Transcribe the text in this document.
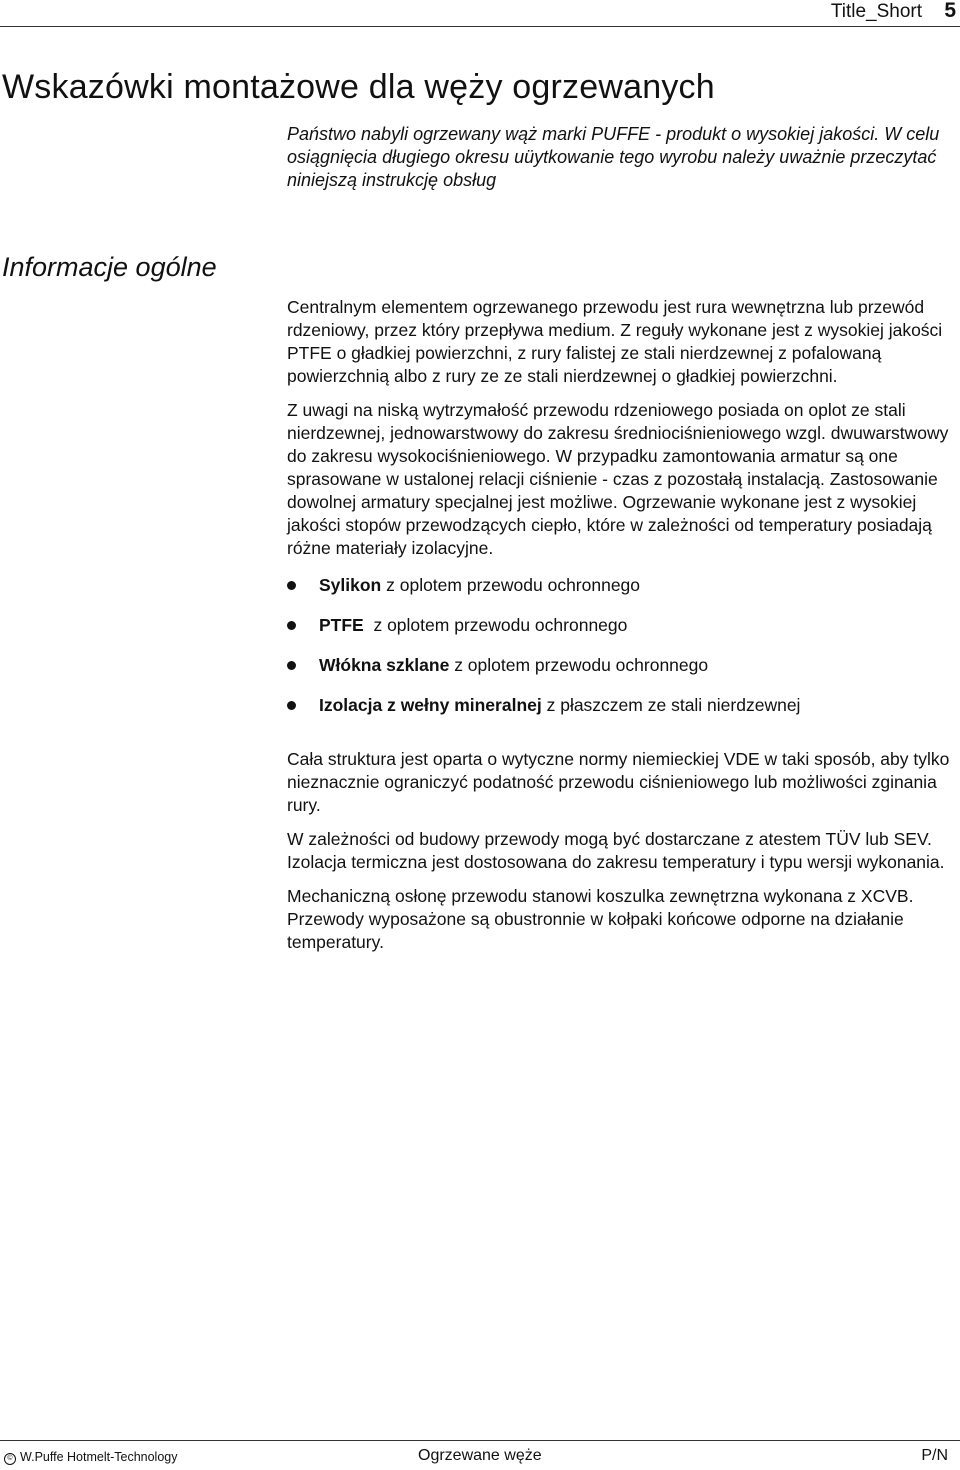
Title_Short 5
Wskazówki montażowe dla węży ogrzewanych

Państwo nabyli ogrzewany wąż marki PUFFE - produkt o wysokiej jakości. W celu osiągnięcia długiego okresu uüytkowanie tego wyrobu należy uważnie przeczytać niniejszą instrukcję obsług

Informacje ogólne

Centralnym elementem ogrzewanego przewodu jest rura wewnętrzna lub przewód rdzeniowy, przez który przepływa medium. Z reguły wykonane jest z wysokiej jakości PTFE o gładkiej powierzchni, z rury falistej ze stali nierdzewnej z pofalowaną powierzchnią albo z rury ze ze stali nierdzewnej o gładkiej powierzchni.

Z uwagi na niską wytrzymałość przewodu rdzeniowego posiada on oplot ze stali nierdzewnej, jednowarstwowy do zakresu średniociśnieniowego wzgl. dwuwarstwowy do zakresu wysokociśnieniowego. W przypadku zamontowania armatur są one sprasowane w ustalonej relacji ciśnienie - czas z pozostałą instalacją. Zastosowanie dowolnej armatury specjalnej jest możliwe. Ogrzewanie wykonane jest z wysokiej jakości stopów przewodzących ciepło, które w zależności od temperatury posiadają różne materiały izolacyjne.

Sylikon z oplotem przewodu ochronnego
PTFE  z oplotem przewodu ochronnego
Włókna szklane z oplotem przewodu ochronnego
Izolacja z wełny mineralnej z płaszczem ze stali nierdzewnej

Cała struktura jest oparta o wytyczne normy niemieckiej VDE w taki sposób, aby tylko nieznacznie ograniczyć podatność przewodu ciśnieniowego lub możliwości zginania rury.

W zależności od budowy przewody mogą być dostarczane z atestem TÜV lub SEV. Izolacja termiczna jest dostosowana do zakresu temperatury i typu wersji wykonania.

Mechaniczną osłonę przewodu stanowi koszulka zewnętrzna wykonana z XCVB. Przewody wyposażone są obustronnie w kołpaki końcowe odporne na działanie temperatury.

© W.Puffe Hotmelt-Technology	Ogrzewane węże	P/N
